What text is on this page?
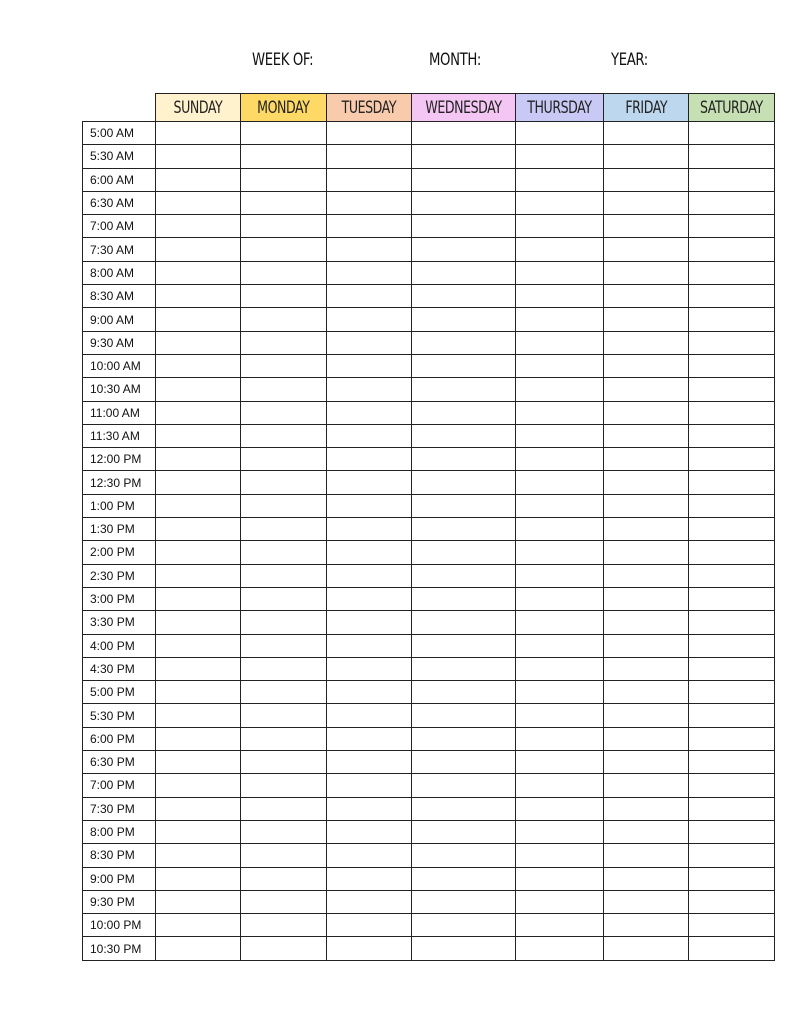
WEEK OF:	MONTH:	YEAR:
	SUNDAY	MONDAY	TUESDAY	WEDNESDAY	THURSDAY	FRIDAY	SATURDAY
5:00 AM							
5:30 AM							
6:00 AM							
6:30 AM							
7:00 AM							
7:30 AM							
8:00 AM							
8:30 AM							
9:00 AM							
9:30 AM							
10:00 AM							
10:30 AM							
11:00 AM							
11:30 AM							
12:00 PM							
12:30 PM							
1:00 PM							
1:30 PM							
2:00 PM							
2:30 PM							
3:00 PM							
3:30 PM							
4:00 PM							
4:30 PM							
5:00 PM							
5:30 PM							
6:00 PM							
6:30 PM							
7:00 PM							
7:30 PM							
8:00 PM							
8:30 PM							
9:00 PM							
9:30 PM							
10:00 PM							
10:30 PM							
